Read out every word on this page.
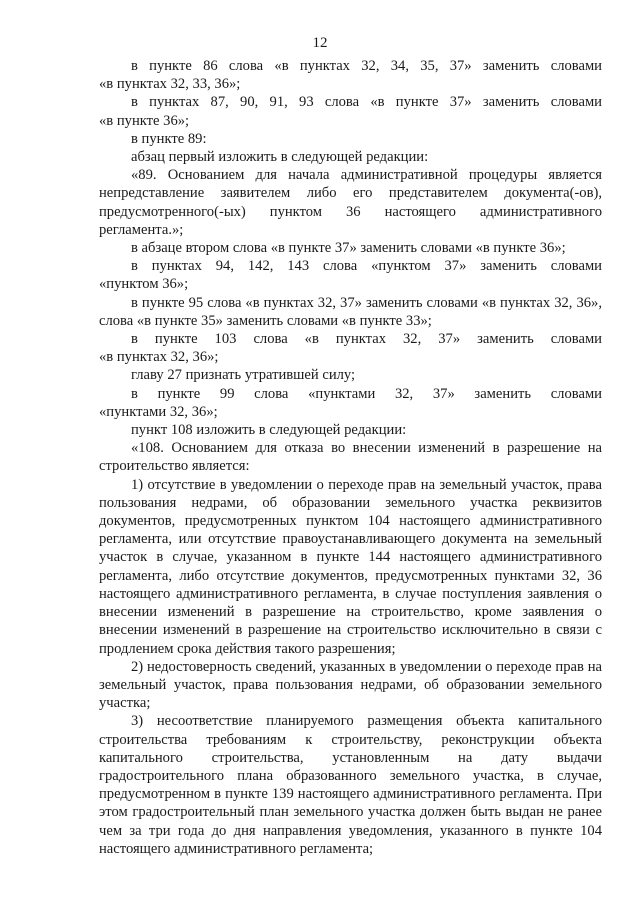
12

в пункте 86 слова «в пунктах 32, 34, 35, 37» заменить словами
«в пунктах 32, 33, 36»;

в пунктах 87, 90, 91, 93 слова «в пункте 37» заменить словами
«в пункте 36»;

в пункте 89:

абзац первый изложить в следующей редакции:

«89. Основанием для начала административной процедуры является непредставление заявителем либо его представителем документа(-ов), предусмотренного(-ых) пунктом 36 настоящего административного регламента.»;

в абзаце втором слова «в пункте 37» заменить словами «в пункте 36»;

в пунктах 94, 142, 143 слова «пунктом 37» заменить словами
«пунктом 36»;

в пункте 95 слова «в пунктах 32, 37» заменить словами «в пунктах 32, 36», слова «в пункте 35» заменить словами «в пункте 33»;

в пункте 103 слова «в пунктах 32, 37» заменить словами
«в пунктах 32, 36»;

главу 27 признать утратившей силу;

в пункте 99 слова «пунктами 32, 37» заменить словами
«пунктами 32, 36»;

пункт 108 изложить в следующей редакции:

«108. Основанием для отказа во внесении изменений в разрешение на строительство является:

1) отсутствие в уведомлении о переходе прав на земельный участок, права пользования недрами, об образовании земельного участка реквизитов документов, предусмотренных пунктом 104 настоящего административного регламента, или отсутствие правоустанавливающего документа на земельный участок в случае, указанном в пункте 144 настоящего административного регламента, либо отсутствие документов, предусмотренных пунктами 32, 36 настоящего административного регламента, в случае поступления заявления о внесении изменений в разрешение на строительство, кроме заявления о внесении изменений в разрешение на строительство исключительно в связи с продлением срока действия такого разрешения;

2) недостоверность сведений, указанных в уведомлении о переходе прав на земельный участок, права пользования недрами, об образовании земельного участка;

3) несоответствие планируемого размещения объекта капитального строительства требованиям к строительству, реконструкции объекта капитального строительства, установленным на дату выдачи градостроительного плана образованного земельного участка, в случае, предусмотренном в пункте 139 настоящего административного регламента. При этом градостроительный план земельного участка должен быть выдан не ранее чем за три года до дня направления уведомления, указанного в пункте 104 настоящего административного регламента;
